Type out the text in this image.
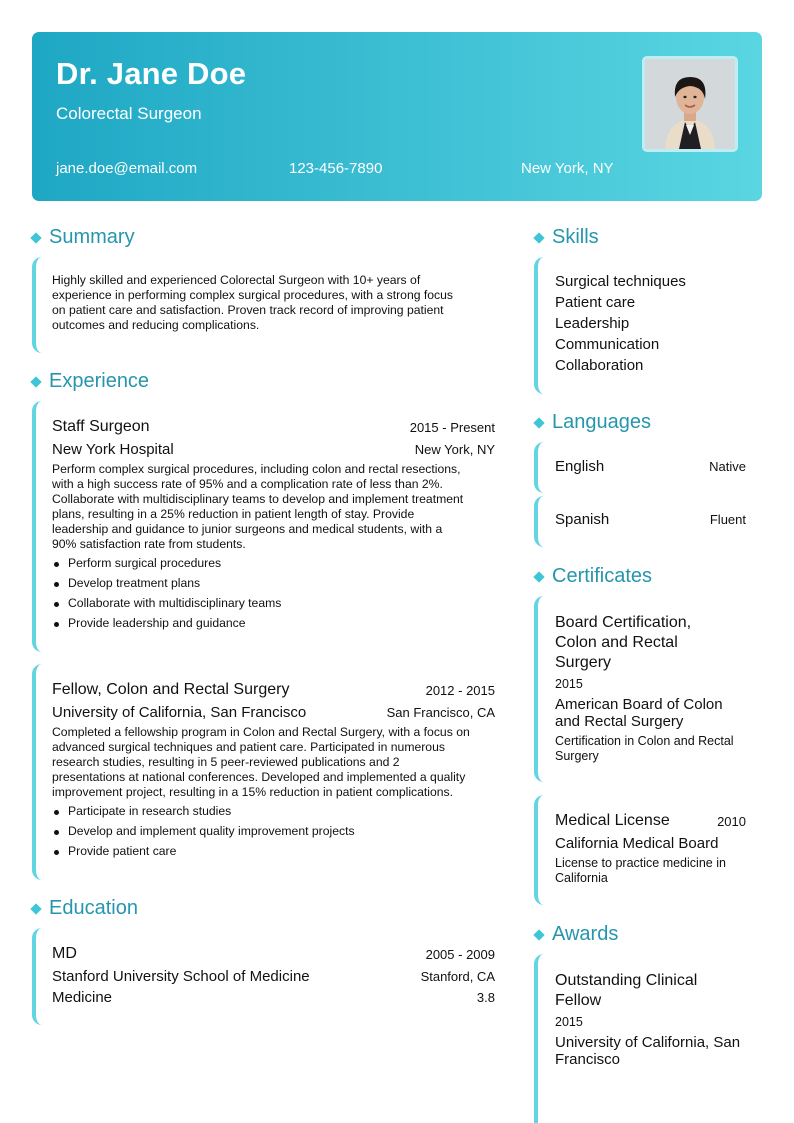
Dr. Jane Doe
Colorectal Surgeon
jane.doe@email.com	123-456-7890	New York, NY
Summary
Highly skilled and experienced Colorectal Surgeon with 10+ years of
experience in performing complex surgical procedures, with a strong focus
on patient care and satisfaction. Proven track record of improving patient
outcomes and reducing complications.
Experience
Staff Surgeon	2015 - Present
New York Hospital	New York, NY
Perform complex surgical procedures, including colon and rectal resections,
with a high success rate of 95% and a complication rate of less than 2%.
Collaborate with multidisciplinary teams to develop and implement treatment
plans, resulting in a 25% reduction in patient length of stay. Provide
leadership and guidance to junior surgeons and medical students, with a
90% satisfaction rate from students.
Perform surgical procedures
Develop treatment plans
Collaborate with multidisciplinary teams
Provide leadership and guidance
Fellow, Colon and Rectal Surgery	2012 - 2015
University of California, San Francisco	San Francisco, CA
Completed a fellowship program in Colon and Rectal Surgery, with a focus on
advanced surgical techniques and patient care. Participated in numerous
research studies, resulting in 5 peer-reviewed publications and 2
presentations at national conferences. Developed and implemented a quality
improvement project, resulting in a 15% reduction in patient complications.
Participate in research studies
Develop and implement quality improvement projects
Provide patient care
Education
MD	2005 - 2009
Stanford University School of Medicine	Stanford, CA
Medicine	3.8
Skills
Surgical techniques
Patient care
Leadership
Communication
Collaboration
Languages
English	Native
Spanish	Fluent
Certificates
Board Certification,
Colon and Rectal
Surgery
2015
American Board of Colon
and Rectal Surgery
Certification in Colon and Rectal
Surgery
Medical License	2010
California Medical Board
License to practice medicine in
California
Awards
Outstanding Clinical
Fellow
2015
University of California, San
Francisco
